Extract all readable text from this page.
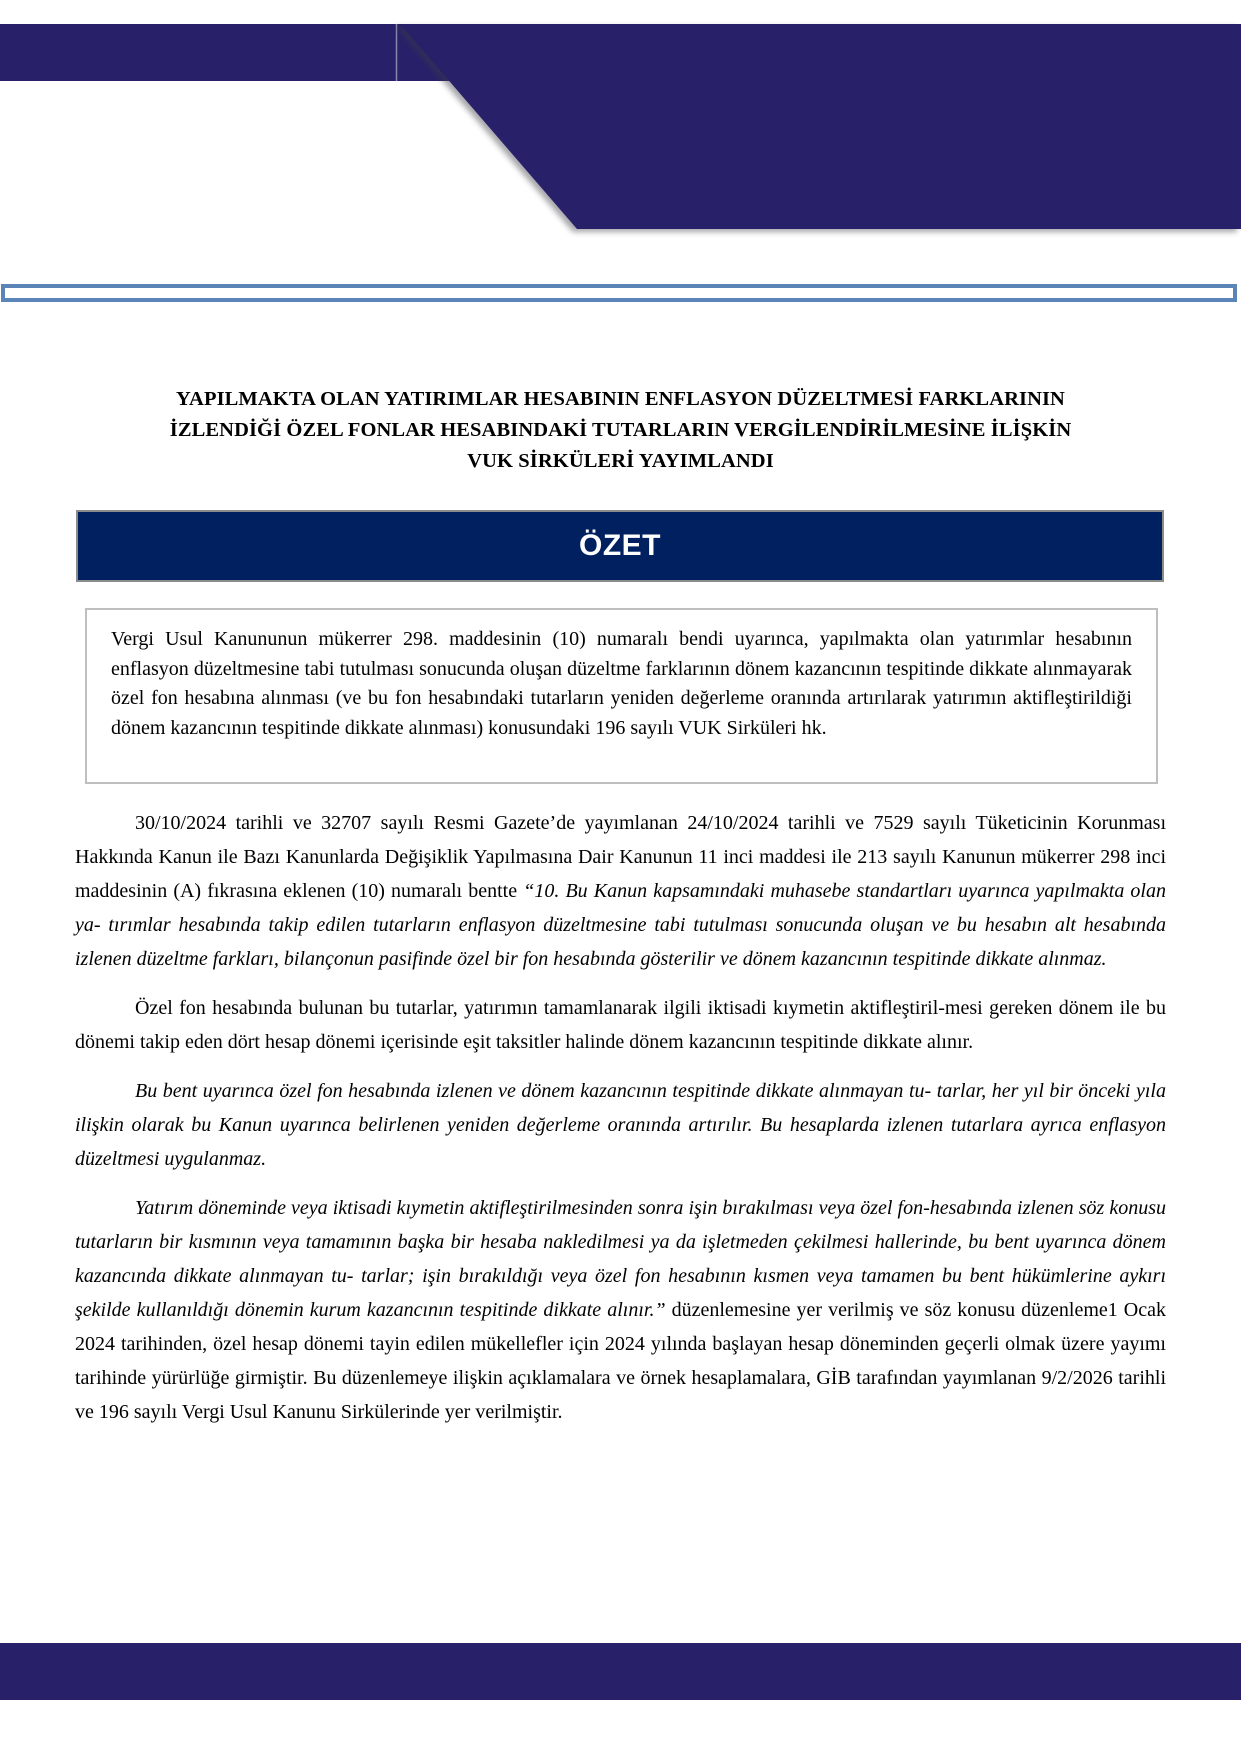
YAPILMAKTA OLAN YATIRIMLAR HESABININ ENFLASYON DÜZELTMESİ FARKLARININ
İZLENDİĞİ ÖZEL FONLAR HESABINDAKİ TUTARLARIN VERGİLENDİRİLMESİNE İLİŞKİN
VUK SİRKÜLERİ YAYIMLANDI
ÖZET

Vergi Usul Kanununun mükerrer 298. maddesinin (10) numaralı bendi uyarınca, yapılmakta olan yatırımlar hesabının enflasyon düzeltmesine tabi tutulması sonucunda oluşan düzeltme farklarının dönem kazancının tespitinde dikkate alınmayarak özel fon hesabına alınması (ve bu fon hesabındaki tutarların yeniden değerleme oranında artırılarak yatırımın aktifleştirildiği dönem kazancının tespitinde dikkate alınması) konusundaki 196 sayılı VUK Sirküleri hk.

30/10/2024 tarihli ve 32707 sayılı Resmi Gazete’de yayımlanan 24/10/2024 tarihli ve 7529 sayılı Tüketicinin Korunması Hakkında Kanun ile Bazı Kanunlarda Değişiklik Yapılmasına Dair Kanunun 11 inci maddesi ile 213 sayılı Kanunun mükerrer 298 inci maddesinin (A) fıkrasına eklenen (10) numaralı bentte “10. Bu Kanun kapsamındaki muhasebe standartları uyarınca yapılmakta olan ya- tırımlar hesabında takip edilen tutarların enflasyon düzeltmesine tabi tutulması sonucunda oluşan ve bu hesabın alt hesabında izlenen düzeltme farkları, bilançonun pasifinde özel bir fon hesabında gösterilir ve dönem kazancının tespitinde dikkate alınmaz.

Özel fon hesabında bulunan bu tutarlar, yatırımın tamamlanarak ilgili iktisadi kıymetin aktifleştiril-mesi gereken dönem ile bu dönemi takip eden dört hesap dönemi içerisinde eşit taksitler halinde dönem kazancının tespitinde dikkate alınır.

Bu bent uyarınca özel fon hesabında izlenen ve dönem kazancının tespitinde dikkate alınmayan tu- tarlar, her yıl bir önceki yıla ilişkin olarak bu Kanun uyarınca belirlenen yeniden değerleme oranında artırılır. Bu hesaplarda izlenen tutarlara ayrıca enflasyon düzeltmesi uygulanmaz.

Yatırım döneminde veya iktisadi kıymetin aktifleştirilmesinden sonra işin bırakılması veya özel fon-hesabında izlenen söz konusu tutarların bir kısmının veya tamamının başka bir hesaba nakledilmesi ya da işletmeden çekilmesi hallerinde, bu bent uyarınca dönem kazancında dikkate alınmayan tu- tarlar; işin bırakıldığı veya özel fon hesabının kısmen veya tamamen bu bent hükümlerine aykırı şekilde kullanıldığı dönemin kurum kazancının tespitinde dikkate alınır.” düzenlemesine yer verilmiş ve söz konusu düzenleme1 Ocak 2024 tarihinden, özel hesap dönemi tayin edilen mükellefler için 2024 yılında başlayan hesap döneminden geçerli olmak üzere yayımı tarihinde yürürlüğe girmiştir. Bu düzenlemeye ilişkin açıklamalara ve örnek hesaplamalara, GİB tarafından yayımlanan 9/2/2026 tarihli ve 196 sayılı Vergi Usul Kanunu Sirkülerinde yer verilmiştir.
